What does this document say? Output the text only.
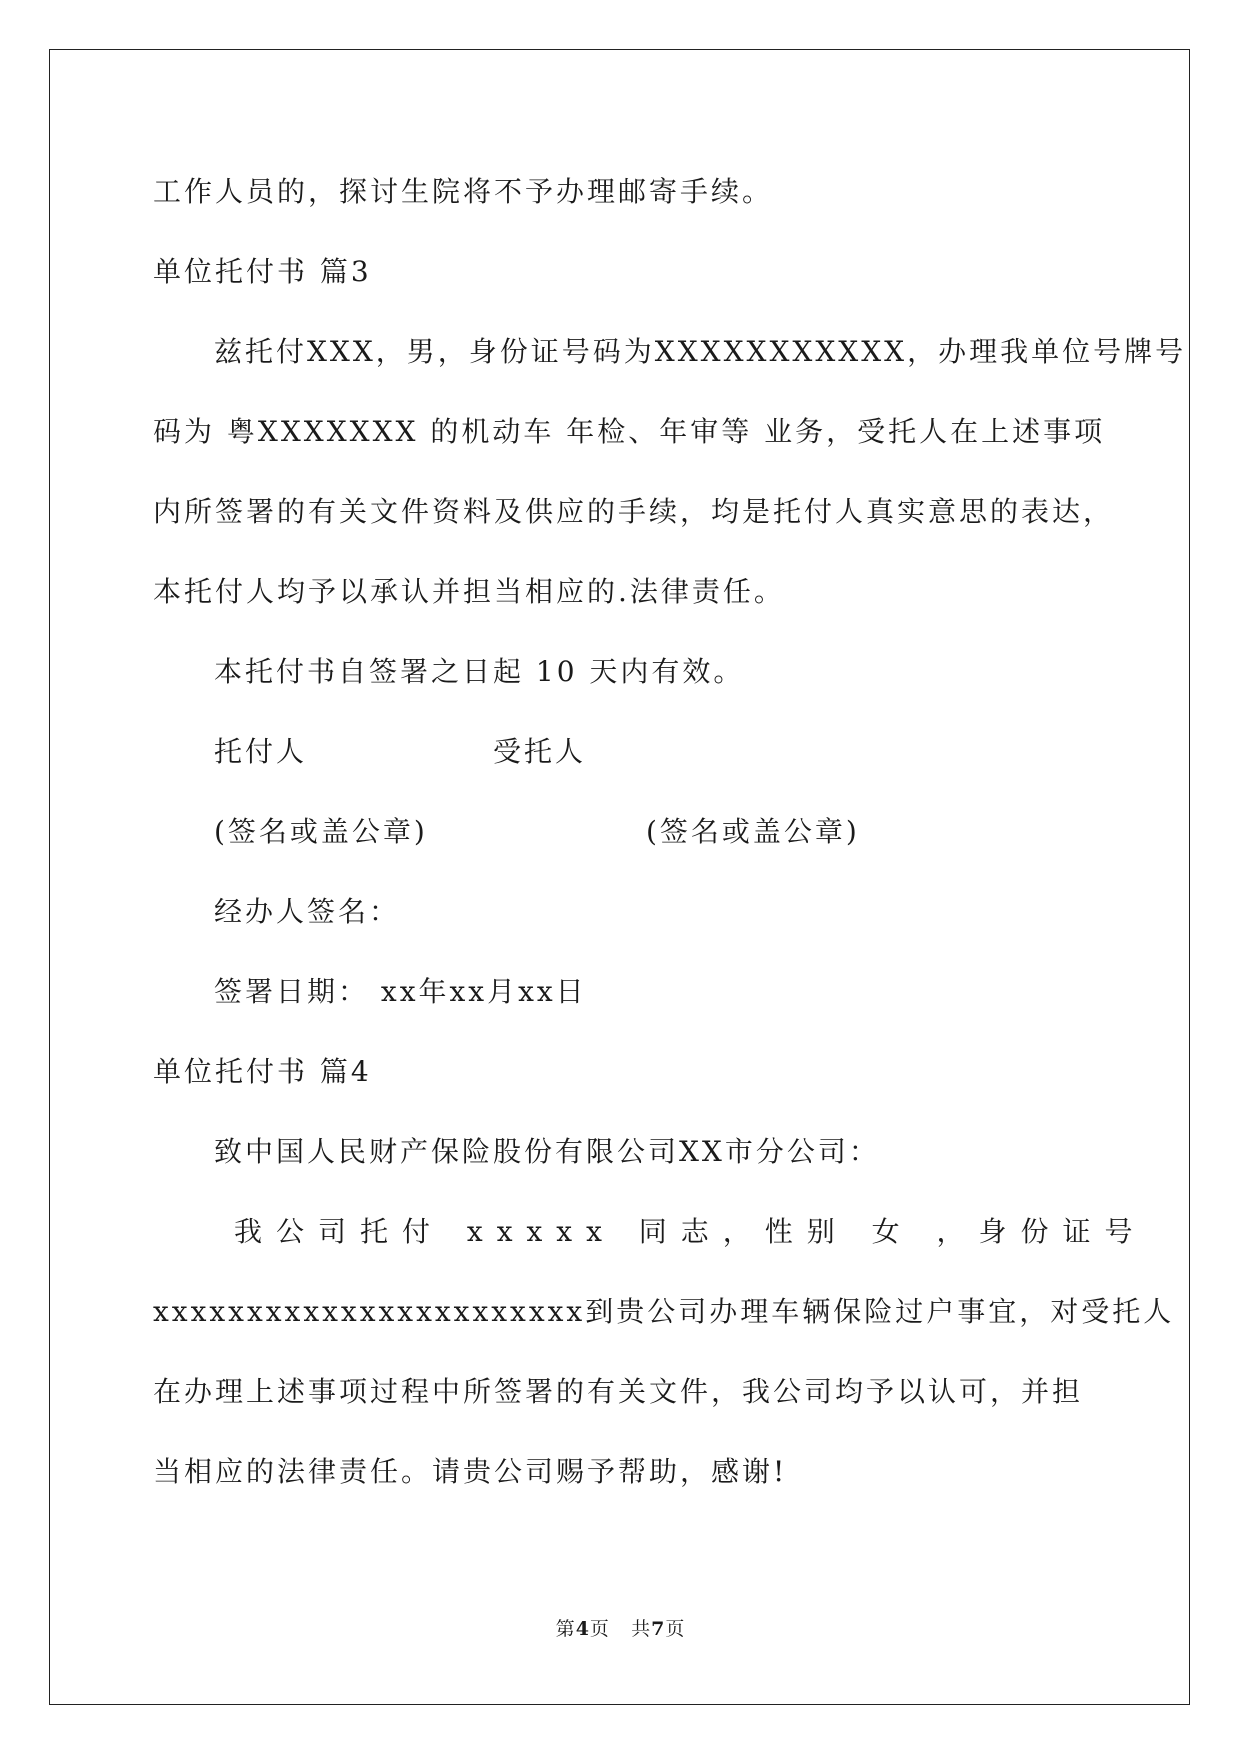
工作人员的，探讨生院将不予办理邮寄手续。
单位托付书 篇3
兹托付XXX，男，身份证号码为XXXXXXXXXXX，办理我单位号牌号
码为 粤XXXXXXX 的机动车 年检、年审等 业务，受托人在上述事项
内所签署的有关文件资料及供应的手续，均是托付人真实意思的表达，
本托付人均予以承认并担当相应的.法律责任。
本托付书自签署之日起 10 天内有效。
托付人	受托人
(签名或盖公章)	(签名或盖公章)
经办人签名：
签署日期： xx年xx月xx日
单位托付书 篇4
致中国人民财产保险股份有限公司XX市分公司：
我公司托付 xxxxx 同志，性别 女 ，身份证号
xxxxxxxxxxxxxxxxxxxxxxx到贵公司办理车辆保险过户事宜，对受托人
在办理上述事项过程中所签署的有关文件，我公司均予以认可，并担
当相应的法律责任。请贵公司赐予帮助，感谢!
第4页 共7页
